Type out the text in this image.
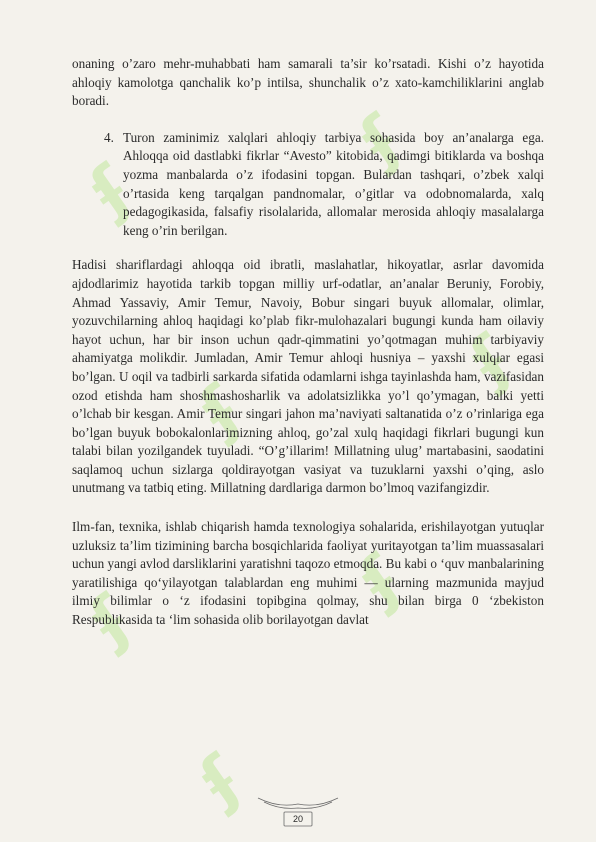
ʄ
ʄ
ʄ
ʄ
ʄ
ʄ
ʄ

onaning o’zaro mehr-muhabbati ham samarali ta’sir ko’rsatadi. Kishi o’z hayotida ahloqiy kamolotga qanchalik ko’p intilsa, shunchalik o’z xato-kamchiliklarini anglab boradi.

4. Turon zaminimiz xalqlari ahloqiy tarbiya sohasida boy an’analarga ega. Ahloqqa oid dastlabki fikrlar “Avesto” kitobida, qadimgi bitiklarda va boshqa yozma manbalarda o’z ifodasini topgan. Bulardan tashqari, o’zbek xalqi o’rtasida keng tarqalgan pandnomalar, o’gitlar va odobnomalarda, xalq pedagogikasida, falsafiy risolalarida, allomalar merosida ahloqiy masalalarga keng o’rin berilgan.

Hadisi shariflardagi ahloqqa oid ibratli, maslahatlar, hikoyatlar, asrlar davomida ajdodlarimiz hayotida tarkib topgan milliy urf-odatlar, an’analar Beruniy, Forobiy, Ahmad Yassaviy, Amir Temur, Navoiy, Bobur singari buyuk allomalar, olimlar, yozuvchilarning ahloq haqidagi ko’plab fikr-mulohazalari bugungi kunda ham oilaviy hayot uchun, har bir inson uchun qadr-qimmatini yo’qotmagan muhim tarbiyaviy ahamiyatga molikdir. Jumladan, Amir Temur ahloqi husniya – yaxshi xulqlar egasi bo’lgan. U oqil va tadbirli sarkarda sifatida odamlarni ishga tayinlashda ham, vazifasidan ozod etishda ham shoshmashosharlik va adolatsizlikka yo’l qo’ymagan, balki yetti o’lchab bir kesgan. Amir Temur singari jahon ma’naviyati saltanatida o’z o’rinlariga ega bo’lgan buyuk bobokalonlarimizning ahloq, go’zal xulq haqidagi fikrlari bugungi kun talabi bilan yozilgandek tuyuladi. “O’g’illarim! Millatning ulug’ martabasini, saodatini saqlamoq uchun sizlarga qoldirayotgan vasiyat va tuzuklarni yaxshi o’qing, aslo unutmang va tatbiq eting. Millatning dardlariga darmon bo’lmoq vazifangizdir.

Ilm-fan, texnika, ishlab chiqarish hamda texnologiya sohalarida, erishilayotgan yutuqlar uzluksiz ta’lim tizimining barcha bosqichlarida faoliyat yuritayotgan ta’lim muassasalari uchun yangi avlod darsliklarini yaratishni taqozo etmoqda. Bu kabi o ‘quv manbalarining yaratilishiga qo‘yilayotgan talablardan eng muhimi — ularning mazmunida mayjud ilmiy bilimlar o ‘z ifodasini topibgina qolmay, shu bilan birga 0 ‘zbekiston Respublikasida ta ‘lim sohasida olib borilayotgan davlat

20
